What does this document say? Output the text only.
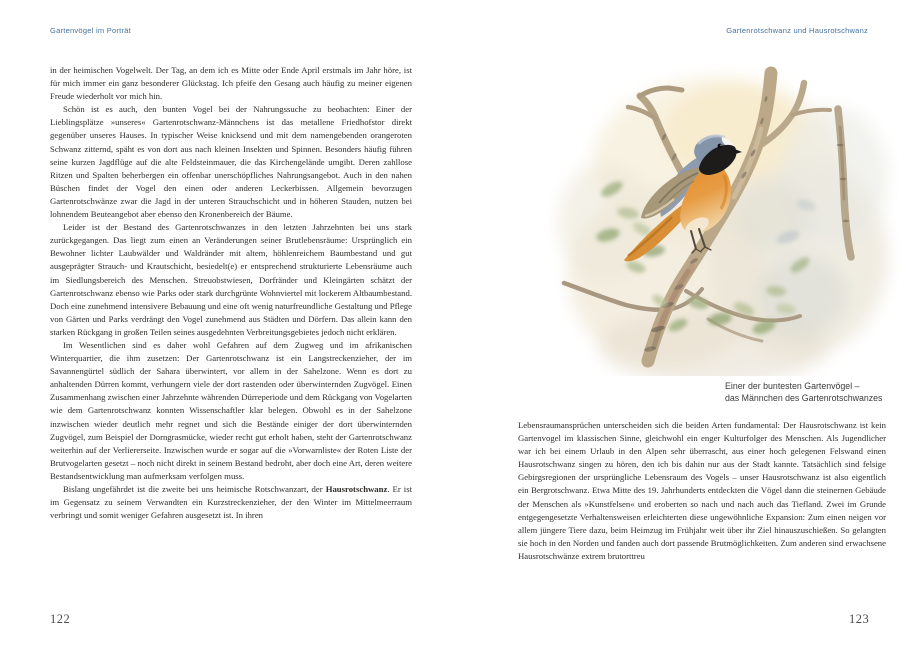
Gartenvögel im Porträt	Gartenrotschwanz und Hausrotschwanz

in der heimischen Vogelwelt. Der Tag, an dem ich es Mitte oder Ende April erstmals im Jahr höre, ist für mich immer ein ganz besonderer Glückstag. Ich pfeife den Gesang auch häufig zu meiner eigenen Freude wiederholt vor mich hin.

Schön ist es auch, den bunten Vogel bei der Nahrungssuche zu beobachten: Einer der Lieblingsplätze »unseres« Gartenrotschwanz-Männchens ist das metallene Friedhofstor direkt gegenüber unseres Hauses. In typischer Weise knicksend und mit dem namengebenden orangeroten Schwanz zitternd, späht es von dort aus nach kleinen Insekten und Spinnen. Besonders häufig führen seine kurzen Jagdflüge auf die alte Feldsteinmauer, die das Kirchengelände umgibt. Deren zahllose Ritzen und Spalten beherbergen ein offenbar unerschöpfliches Nahrungsangebot. Auch in den nahen Büschen findet der Vogel den einen oder anderen Leckerbissen. Allgemein bevorzugen Gartenrotschwänze zwar die Jagd in der unteren Strauchschicht und in höheren Stauden, nutzen bei lohnendem Beuteangebot aber ebenso den Kronenbereich der Bäume.

Leider ist der Bestand des Gartenrotschwanzes in den letzten Jahrzehnten bei uns stark zurückgegangen. Das liegt zum einen an Veränderungen seiner Brutlebensräume: Ursprünglich ein Bewohner lichter Laubwälder und Waldränder mit altem, höhlenreichem Baumbestand und gut ausgeprägter Strauch- und Krautschicht, besiedelt(e) er entsprechend strukturierte Lebensräume auch im Siedlungsbereich des Menschen. Streuobstwiesen, Dorfränder und Kleingärten schätzt der Gartenrotschwanz ebenso wie Parks oder stark durchgrünte Wohnviertel mit lockerem Altbaumbestand. Doch eine zunehmend intensivere Bebauung und eine oft wenig naturfreundliche Gestaltung und Pflege von Gärten und Parks verdrängt den Vogel zunehmend aus Städten und Dörfern. Das allein kann den starken Rückgang in großen Teilen seines ausgedehnten Verbreitungsgebietes jedoch nicht erklären.

Im Wesentlichen sind es daher wohl Gefahren auf dem Zugweg und im afrikanischen Winterquartier, die ihm zusetzen: Der Gartenrotschwanz ist ein Langstreckenzieher, der im Savannengürtel südlich der Sahara überwintert, vor allem in der Sahelzone. Wenn es dort zu anhaltenden Dürren kommt, verhungern viele der dort rastenden oder überwinternden Zugvögel. Einen Zusammenhang zwischen einer Jahrzehnte währenden Dürreperiode und dem Rückgang von Vogelarten wie dem Gartenrotschwanz konnten Wissenschaftler klar belegen. Obwohl es in der Sahelzone inzwischen wieder deutlich mehr regnet und sich die Bestände einiger der dort überwinternden Zugvögel, zum Beispiel der Dorngrasmücke, wieder recht gut erholt haben, steht der Gartenrotschwanz weiterhin auf der Verliererseite. Inzwischen wurde er sogar auf die »Vorwarnliste« der Roten Liste der Brutvogelarten gesetzt – noch nicht direkt in seinem Bestand bedroht, aber doch eine Art, deren weitere Bestandsentwicklung man aufmerksam verfolgen muss.

Bislang ungefährdet ist die zweite bei uns heimische Rotschwanzart, der Hausrotschwanz. Er ist im Gegensatz zu seinem Verwandten ein Kurzstreckenzieher, der den Winter im Mittelmeerraum verbringt und somit weniger Gefahren ausgesetzt ist. In ihren

Einer der buntesten Gartenvögel –
das Männchen des Gartenrotschwanzes

Lebensraumansprüchen unterscheiden sich die beiden Arten fundamental: Der Hausrotschwanz ist kein Gartenvogel im klassischen Sinne, gleichwohl ein enger Kulturfolger des Menschen. Als Jugendlicher war ich bei einem Urlaub in den Alpen sehr überrascht, aus einer hoch gelegenen Felswand einen Hausrotschwanz singen zu hören, den ich bis dahin nur aus der Stadt kannte. Tatsächlich sind felsige Gebirgsregionen der ursprüngliche Lebensraum des Vogels – unser Hausrotschwanz ist also eigentlich ein Bergrotschwanz. Etwa Mitte des 19. Jahrhunderts entdeckten die Vögel dann die steinernen Gebäude der Menschen als »Kunstfelsen« und eroberten so nach und nach auch das Tiefland. Zwei im Grunde entgegengesetzte Verhaltensweisen erleichterten diese ungewöhnliche Expansion: Zum einen neigen vor allem jüngere Tiere dazu, beim Heimzug im Frühjahr weit über ihr Ziel hinauszuschießen. So gelangten sie hoch in den Norden und fanden auch dort passende Brutmöglichkeiten. Zum anderen sind erwachsene Hausrotschwänze extrem brutorttreu

122	123
